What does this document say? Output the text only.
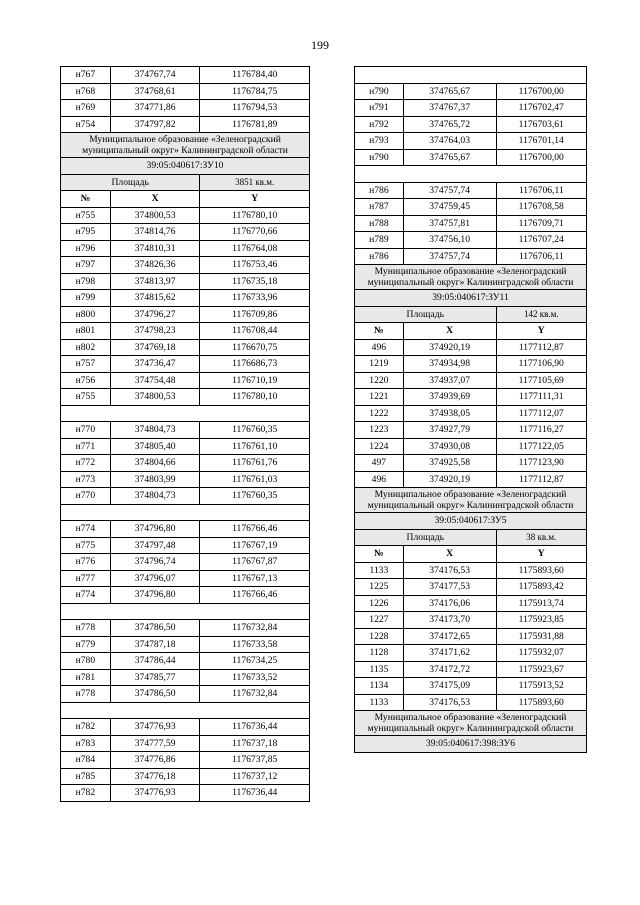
199
н767	374767,74	1176784,40
н768	374768,61	1176784,75
н769	374771,86	1176794,53
н754	374797,82	1176781,89
Муниципальное образование «Зеленоградский муниципальный округ» Калининградской области		
39:05:040617:ЗУ10		
Площадь		3851 кв.м.
№	X	Y
н755	374800,53	1176780,10
н795	374814,76	1176770,66
н796	374810,31	1176764,08
н797	374826,36	1176753,46
н798	374813,97	1176735,18
н799	374815,62	1176733,96
н800	374796,27	1176709,86
н801	374798,23	1176708,44
н802	374769,18	1176670,75
н757	374736,47	1176686,73
н756	374754,48	1176710,19
н755	374800,53	1176780,10

н770	374804,73	1176760,35
н771	374805,40	1176761,10
н772	374804,66	1176761,76
н773	374803,99	1176761,03
н770	374804,73	1176760,35

н774	374796,80	1176766,46
н775	374797,48	1176767,19
н776	374796,74	1176767,87
н777	374796,07	1176767,13
н774	374796,80	1176766,46

н778	374786,50	1176732,84
н779	374787,18	1176733,58
н780	374786,44	1176734,25
н781	374785,77	1176733,52
н778	374786,50	1176732,84

н782	374776,93	1176736,44
н783	374777,59	1176737,18
н784	374776,86	1176737,85
н785	374776,18	1176737,12
н782	374776,93	1176736,44

н790	374765,67	1176700,00
н791	374767,37	1176702,47
н792	374765,72	1176703,61
н793	374764,03	1176701,14
н790	374765,67	1176700,00

н786	374757,74	1176706,11
н787	374759,45	1176708,58
н788	374757,81	1176709,71
н789	374756,10	1176707,24
н786	374757,74	1176706,11
Муниципальное образование «Зеленоградский муниципальный округ» Калининградской области		
39:05:040617:ЗУ11		
Площадь		142 кв.м.
№	X	Y
496	374920,19	1177112,87
1219	374934,98	1177106,90
1220	374937,07	1177105,69
1221	374939,69	1177111,31
1222	374938,05	1177112,07
1223	374927,79	1177116,27
1224	374930,08	1177122,05
497	374925,58	1177123,90
496	374920,19	1177112,87
Муниципальное образование «Зеленоградский муниципальный округ» Калининградской области		
39:05:040617:ЗУ5		
Площадь		38 кв.м.
№	X	Y
1133	374176,53	1175893,60
1225	374177,53	1175893,42
1226	374176,06	1175913,74
1227	374173,70	1175923,85
1228	374172,65	1175931,88
1128	374171,62	1175932,07
1135	374172,72	1175923,67
1134	374175,09	1175913,52
1133	374176,53	1175893,60
Муниципальное образование «Зеленоградский муниципальный округ» Калининградской области		
39:05:040617:398:ЗУ6		
